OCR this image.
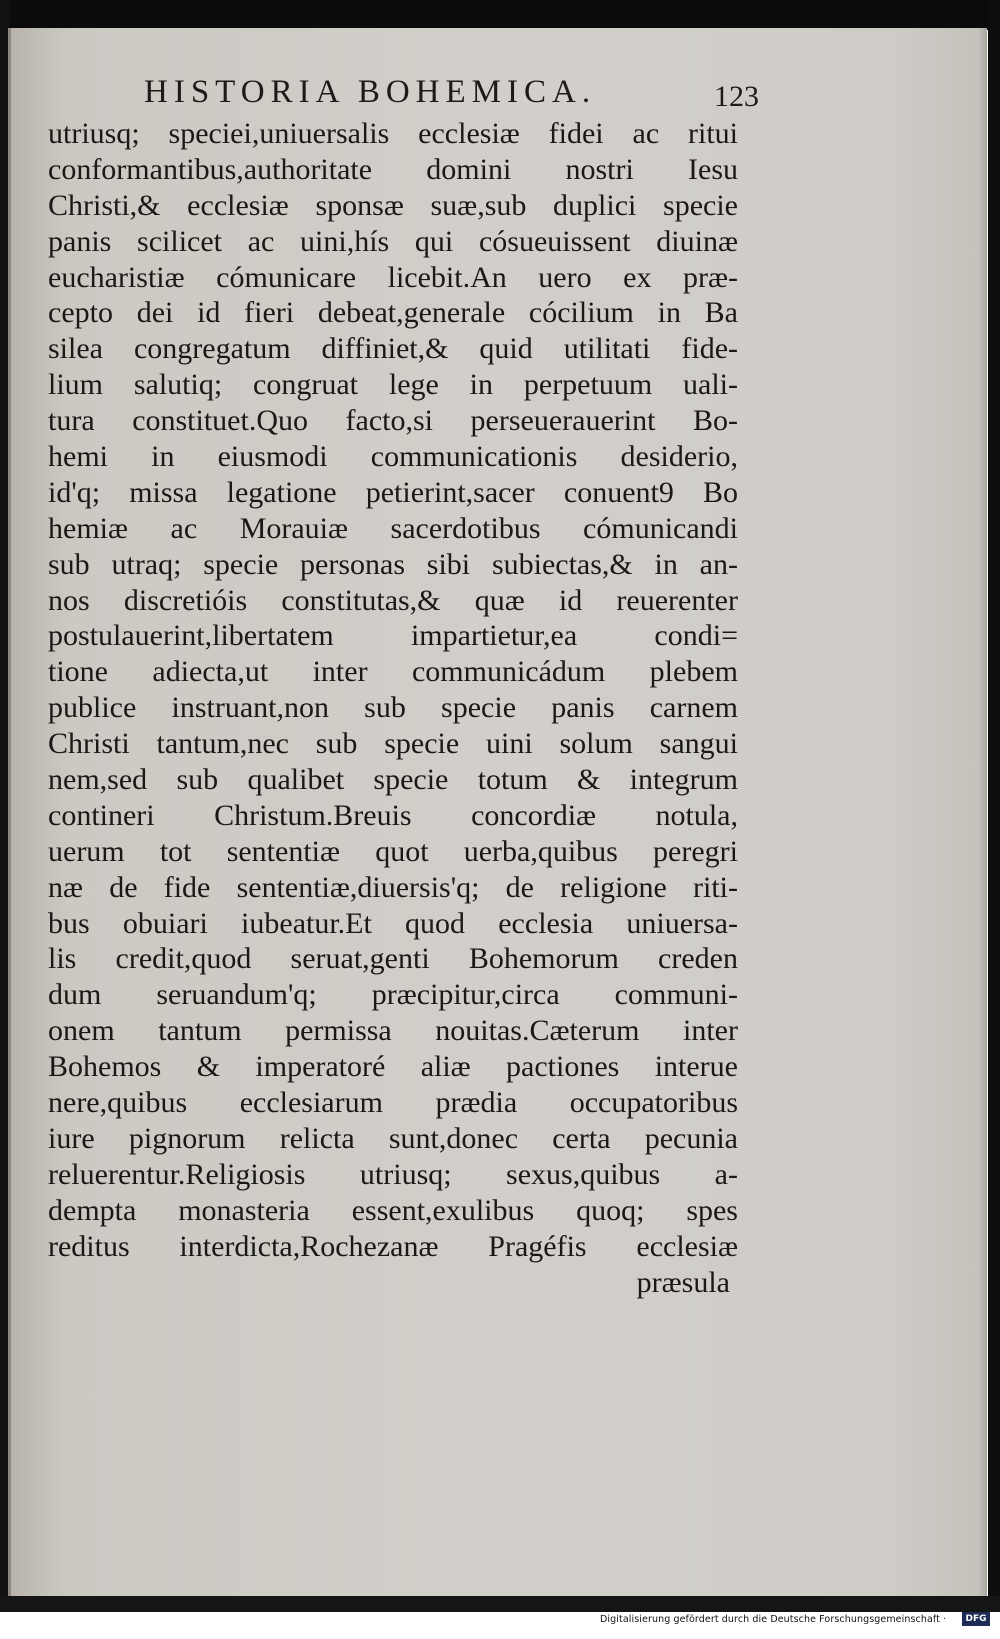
HISTORIA BOHEMICA.	123
utriusq; speciei,uniuersalis ecclesiæ fidei ac ritui
conformantibus,authoritate domini nostri Iesu
Christi,& ecclesiæ sponsæ suæ,sub duplici specie
panis scilicet ac uini,hís qui cósueuissent diuinæ
eucharistiæ cómunicare licebit.An uero ex præ-
cepto dei id fieri debeat,generale cócilium in Ba
silea congregatum diffiniet,& quid utilitati fide-
lium salutiq; congruat lege in perpetuum uali-
tura constituet.Quo facto,si perseuerauerint Bo-
hemi in eiusmodi communicationis desiderio,
id'q; missa legatione petierint,sacer conuent9 Bo
hemiæ ac Morauiæ sacerdotibus cómunicandi
sub utraq; specie personas sibi subiectas,& in an-
nos discretióis constitutas,& quæ id reuerenter
postulauerint,libertatem impartietur,ea condi=
tione adiecta,ut inter communicádum plebem
publice instruant,non sub specie panis carnem
Christi tantum,nec sub specie uini solum sangui
nem,sed sub qualibet specie totum & integrum
contineri Christum.Breuis concordiæ notula,
uerum tot sententiæ quot uerba,quibus peregri
næ de fide sententiæ,diuersis'q; de religione riti-
bus obuiari iubeatur.Et quod ecclesia uniuersa-
lis credit,quod seruat,genti Bohemorum creden
dum seruandum'q; præcipitur,circa communi-
onem tantum permissa nouitas.Cæterum inter
Bohemos & imperatoré aliæ pactiones interue
nere,quibus ecclesiarum prædia occupatoribus
iure pignorum relicta sunt,donec certa pecunia
reluerentur.Religiosis utriusq; sexus,quibus a-
dempta monasteria essent,exulibus quoq; spes
reditus interdicta,Rochezanæ Pragéfis ecclesiæ
præsula
Digitalisierung gefördert durch die Deutsche Forschungsgemeinschaft ·	DFG
